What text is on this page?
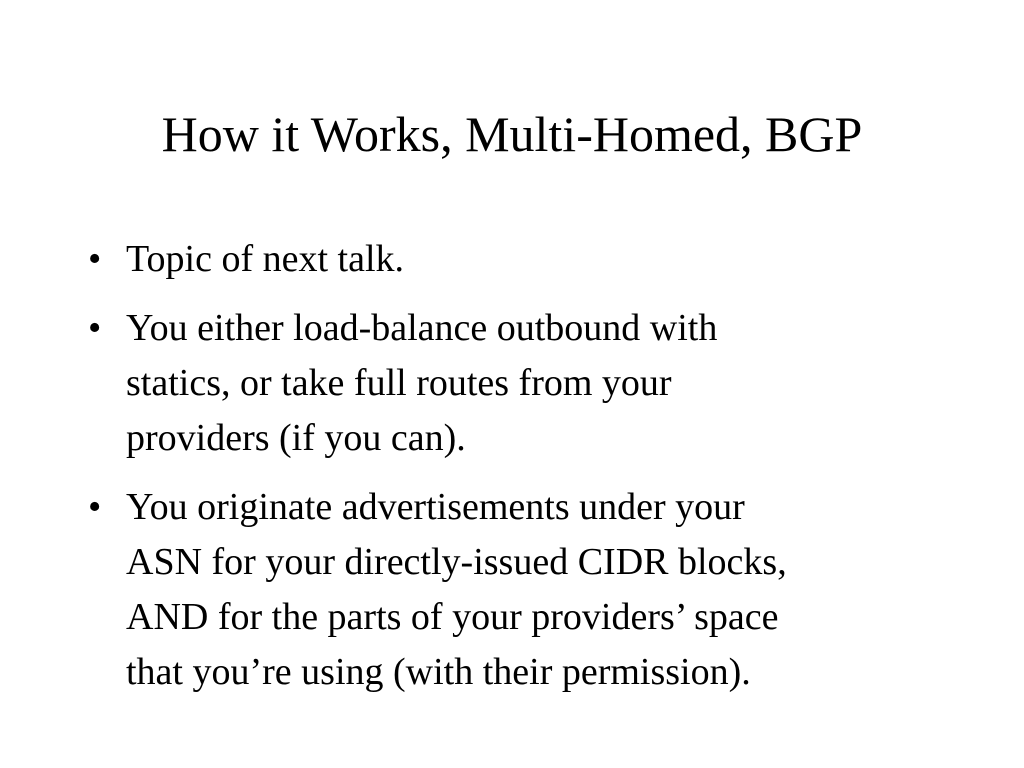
How it Works, Multi-Homed, BGP
• Topic of next talk.
• You either load-balance outbound with
statics, or take full routes from your
providers (if you can).
• You originate advertisements under your
ASN for your directly-issued CIDR blocks,
AND for the parts of your providers’ space
that you’re using (with their permission).
